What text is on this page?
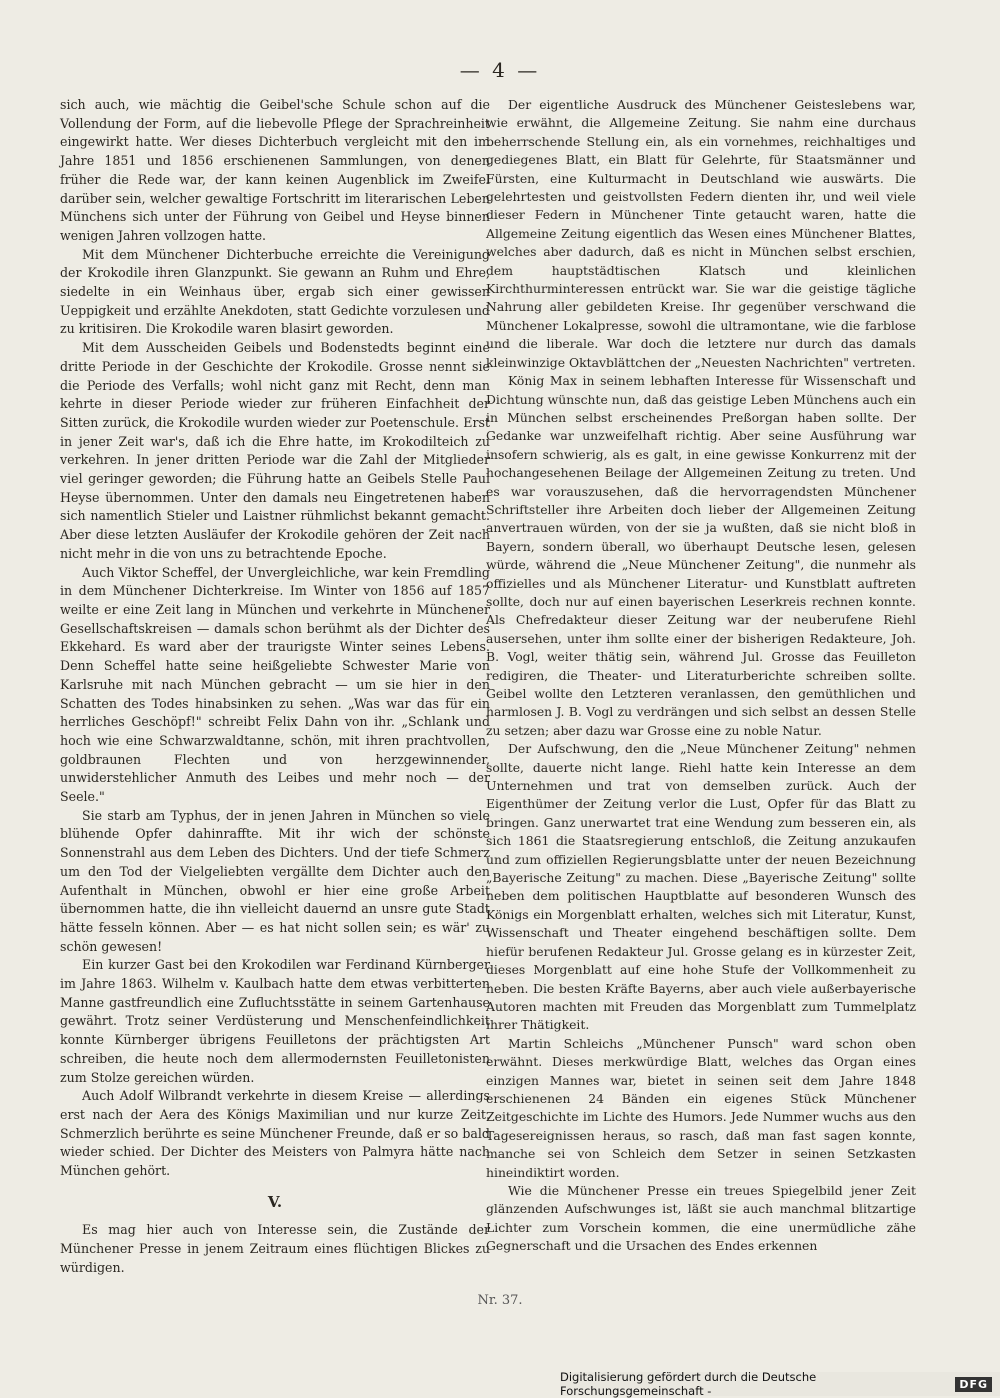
— 4 —

sich auch, wie mächtig die Geibel'sche Schule schon auf die Vollendung der Form, auf die liebevolle Pflege der Sprachreinheit eingewirkt hatte. Wer dieses Dichterbuch vergleicht mit den im Jahre 1851 und 1856 erschienenen Sammlungen, von denen früher die Rede war, der kann keinen Augenblick im Zweifel darüber sein, welcher gewaltige Fortschritt im literarischen Leben Münchens sich unter der Führung von Geibel und Heyse binnen wenigen Jahren vollzogen hatte.

Mit dem Münchener Dichterbuche erreichte die Vereinigung der Krokodile ihren Glanzpunkt. Sie gewann an Ruhm und Ehre, siedelte in ein Weinhaus über, ergab sich einer gewissen Ueppigkeit und erzählte Anekdoten, statt Gedichte vorzulesen und zu kritisiren. Die Krokodile waren blasirt geworden.

Mit dem Ausscheiden Geibels und Bodenstedts beginnt eine dritte Periode in der Geschichte der Krokodile. Grosse nennt sie die Periode des Verfalls; wohl nicht ganz mit Recht, denn man kehrte in dieser Periode wieder zur früheren Einfachheit der Sitten zurück, die Krokodile wurden wieder zur Poetenschule. Erst in jener Zeit war's, daß ich die Ehre hatte, im Krokodilteich zu verkehren. In jener dritten Periode war die Zahl der Mitglieder viel geringer geworden; die Führung hatte an Geibels Stelle Paul Heyse übernommen. Unter den damals neu Eingetretenen haben sich namentlich Stieler und Laistner rühmlichst bekannt gemacht. Aber diese letzten Ausläufer der Krokodile gehören der Zeit nach nicht mehr in die von uns zu betrachtende Epoche.

Auch Viktor Scheffel, der Unvergleichliche, war kein Fremdling in dem Münchener Dichterkreise. Im Winter von 1856 auf 1857 weilte er eine Zeit lang in München und verkehrte in Münchener Gesellschaftskreisen — damals schon berühmt als der Dichter des Ekkehard. Es ward aber der traurigste Winter seines Lebens. Denn Scheffel hatte seine heißgeliebte Schwester Marie von Karlsruhe mit nach München gebracht — um sie hier in den Schatten des Todes hinabsinken zu sehen. „Was war das für ein herrliches Geschöpf!" schreibt Felix Dahn von ihr. „Schlank und hoch wie eine Schwarzwaldtanne, schön, mit ihren prachtvollen, goldbraunen Flechten und von herzgewinnender, unwiderstehlicher Anmuth des Leibes und mehr noch — der Seele."

Sie starb am Typhus, der in jenen Jahren in München so viele blühende Opfer dahinraffte. Mit ihr wich der schönste Sonnenstrahl aus dem Leben des Dichters. Und der tiefe Schmerz um den Tod der Vielgeliebten vergällte dem Dichter auch den Aufenthalt in München, obwohl er hier eine große Arbeit übernommen hatte, die ihn vielleicht dauernd an unsre gute Stadt hätte fesseln können. Aber — es hat nicht sollen sein; es wär' zu schön gewesen!

Ein kurzer Gast bei den Krokodilen war Ferdinand Kürnberger im Jahre 1863. Wilhelm v. Kaulbach hatte dem etwas verbitterten Manne gastfreundlich eine Zufluchtsstätte in seinem Gartenhause gewährt. Trotz seiner Verdüsterung und Menschenfeindlichkeit konnte Kürnberger übrigens Feuilletons der prächtigsten Art schreiben, die heute noch dem allermodernsten Feuilletonisten zum Stolze gereichen würden.

Auch Adolf Wilbrandt verkehrte in diesem Kreise — allerdings erst nach der Aera des Königs Maximilian und nur kurze Zeit. Schmerzlich berührte es seine Münchener Freunde, daß er so bald wieder schied. Der Dichter des Meisters von Palmyra hätte nach München gehört.

V.

Es mag hier auch von Interesse sein, die Zustände der Münchener Presse in jenem Zeitraum eines flüchtigen Blickes zu würdigen.

Der eigentliche Ausdruck des Münchener Geisteslebens war, wie erwähnt, die Allgemeine Zeitung. Sie nahm eine durchaus beherrschende Stellung ein, als ein vornehmes, reichhaltiges und gediegenes Blatt, ein Blatt für Gelehrte, für Staatsmänner und Fürsten, eine Kulturmacht in Deutschland wie auswärts. Die gelehrtesten und geistvollsten Federn dienten ihr, und weil viele dieser Federn in Münchener Tinte getaucht waren, hatte die Allgemeine Zeitung eigentlich das Wesen eines Münchener Blattes, welches aber dadurch, daß es nicht in München selbst erschien, dem hauptstädtischen Klatsch und kleinlichen Kirchthurminteressen entrückt war. Sie war die geistige tägliche Nahrung aller gebildeten Kreise. Ihr gegenüber verschwand die Münchener Lokalpresse, sowohl die ultramontane, wie die farblose und die liberale. War doch die letztere nur durch das damals kleinwinzige Oktavblättchen der „Neuesten Nachrichten" vertreten.

König Max in seinem lebhaften Interesse für Wissenschaft und Dichtung wünschte nun, daß das geistige Leben Münchens auch ein in München selbst erscheinendes Preßorgan haben sollte. Der Gedanke war unzweifelhaft richtig. Aber seine Ausführung war insofern schwierig, als es galt, in eine gewisse Konkurrenz mit der hochangesehenen Beilage der Allgemeinen Zeitung zu treten. Und es war vorauszusehen, daß die hervorragendsten Münchener Schriftsteller ihre Arbeiten doch lieber der Allgemeinen Zeitung anvertrauen würden, von der sie ja wußten, daß sie nicht bloß in Bayern, sondern überall, wo überhaupt Deutsche lesen, gelesen würde, während die „Neue Münchener Zeitung", die nunmehr als offizielles und als Münchener Literatur- und Kunstblatt auftreten sollte, doch nur auf einen bayerischen Leserkreis rechnen konnte. Als Chefredakteur dieser Zeitung war der neuberufene Riehl ausersehen, unter ihm sollte einer der bisherigen Redakteure, Joh. B. Vogl, weiter thätig sein, während Jul. Grosse das Feuilleton redigiren, die Theater- und Literaturberichte schreiben sollte. Geibel wollte den Letzteren veranlassen, den gemüthlichen und harmlosen J. B. Vogl zu verdrängen und sich selbst an dessen Stelle zu setzen; aber dazu war Grosse eine zu noble Natur.

Der Aufschwung, den die „Neue Münchener Zeitung" nehmen sollte, dauerte nicht lange. Riehl hatte kein Interesse an dem Unternehmen und trat von demselben zurück. Auch der Eigenthümer der Zeitung verlor die Lust, Opfer für das Blatt zu bringen. Ganz unerwartet trat eine Wendung zum besseren ein, als sich 1861 die Staatsregierung entschloß, die Zeitung anzukaufen und zum offiziellen Regierungsblatte unter der neuen Bezeichnung „Bayerische Zeitung" zu machen. Diese „Bayerische Zeitung" sollte neben dem politischen Hauptblatte auf besonderen Wunsch des Königs ein Morgenblatt erhalten, welches sich mit Literatur, Kunst, Wissenschaft und Theater eingehend beschäftigen sollte. Dem hiefür berufenen Redakteur Jul. Grosse gelang es in kürzester Zeit, dieses Morgenblatt auf eine hohe Stufe der Vollkommenheit zu heben. Die besten Kräfte Bayerns, aber auch viele außerbayerische Autoren machten mit Freuden das Morgenblatt zum Tummelplatz ihrer Thätigkeit.

Martin Schleichs „Münchener Punsch" ward schon oben erwähnt. Dieses merkwürdige Blatt, welches das Organ eines einzigen Mannes war, bietet in seinen seit dem Jahre 1848 erschienenen 24 Bänden ein eigenes Stück Münchener Zeitgeschichte im Lichte des Humors. Jede Nummer wuchs aus den Tagesereignissen heraus, so rasch, daß man fast sagen konnte, manche sei von Schleich dem Setzer in seinen Setzkasten hineindiktirt worden.

Wie die Münchener Presse ein treues Spiegelbild jener Zeit glänzenden Aufschwunges ist, läßt sie auch manchmal blitzartige Lichter zum Vorschein kommen, die eine unermüdliche zähe Gegnerschaft und die Ursachen des Endes erkennen

Nr. 37.
Digitalisierung gefördert durch die Deutsche Forschungsgemeinschaft -	DFG
